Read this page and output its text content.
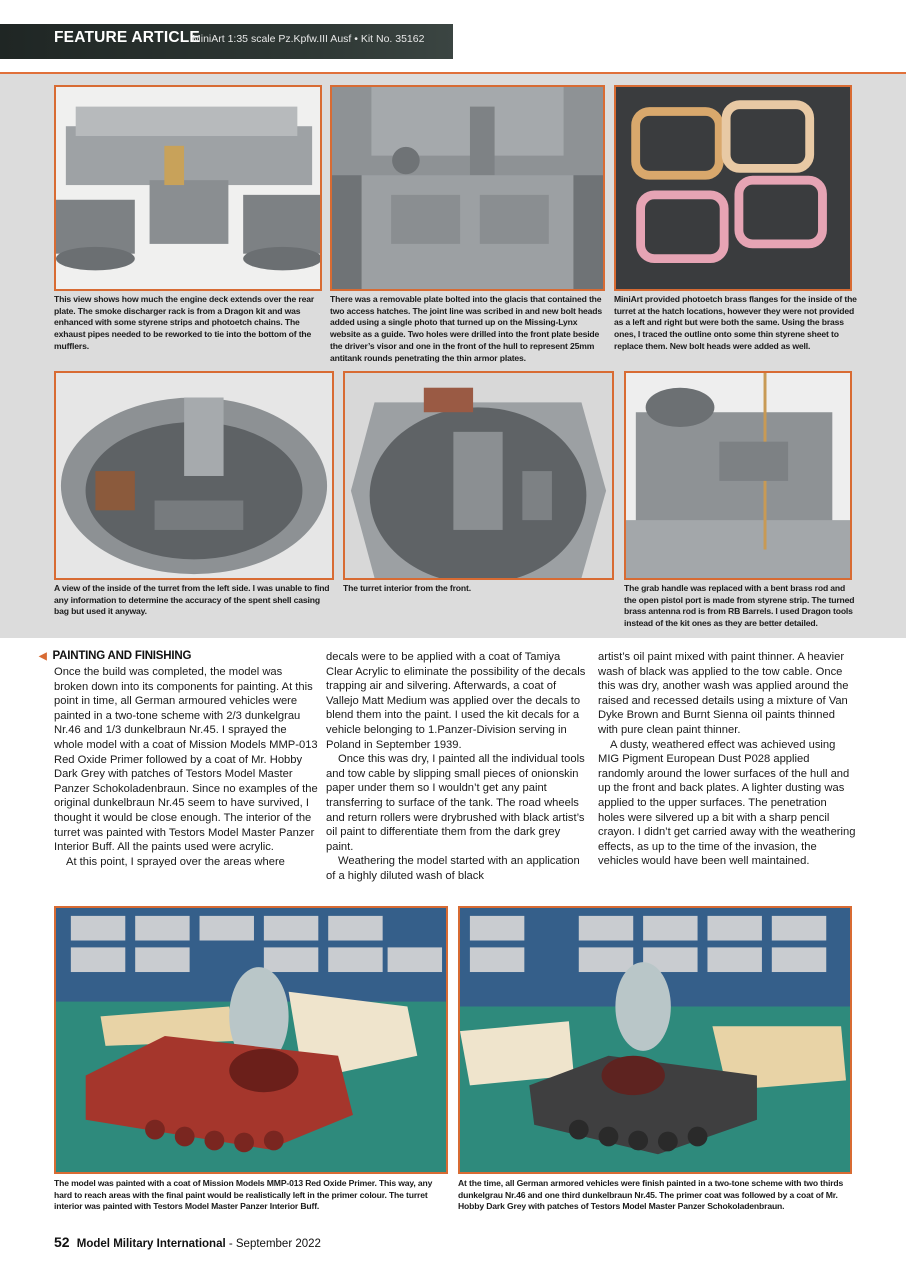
FEATURE ARTICLE
MiniArt 1:35 scale Pz.Kpfw.III Ausf • Kit No. 35162
This view shows how much the engine deck extends over the rear plate. The smoke discharger rack is from a Dragon kit and was enhanced with some styrene strips and photoetch chains. The exhaust pipes needed to be reworked to tie into the bottom of the mufflers.
There was a removable plate bolted into the glacis that contained the two access hatches. The joint line was scribed in and new bolt heads added using a single photo that turned up on the Missing-Lynx website as a guide. Two holes were drilled into the front plate beside the driver’s visor and one in the front of the hull to represent 25mm antitank rounds penetrating the thin armor plates.
MiniArt provided photoetch brass flanges for the inside of the turret at the hatch locations, however they were not provided as a left and right but were both the same. Using the brass ones, I traced the outline onto some thin styrene sheet to replace them. New bolt heads were added as well.
A view of the inside of the turret from the left side. I was unable to find any information to determine the accuracy of the spent shell casing bag but used it anyway.
The turret interior from the front.	The grab handle was replaced with a bent brass rod and the open pistol port is made from styrene strip. The turned brass antenna rod is from RB Barrels. I used Dragon tools instead of the kit ones as they are better detailed.
◀ PAINTING AND FINISHING

Once the build was completed, the model was broken down into its components for painting. At this point in time, all German armoured vehicles were painted in a two-tone scheme with 2/3 dunkelgrau Nr.46 and 1/3 dunkelbraun Nr.45. I sprayed the whole model with a coat of Mission Models MMP-013 Red Oxide Primer followed by a coat of Mr. Hobby Dark Grey with patches of Testors Model Master Panzer Schokoladenbraun. Since no examples of the original dunkelbraun Nr.45 seem to have survived, I thought it would be close enough. The interior of the turret was painted with Testors Model Master Panzer Interior Buff. All the paints used were acrylic.

At this point, I sprayed over the areas where

decals were to be applied with a coat of Tamiya Clear Acrylic to eliminate the possibility of the decals trapping air and silvering. Afterwards, a coat of Vallejo Matt Medium was applied over the decals to blend them into the paint. I used the kit decals for a vehicle belonging to 1.Panzer-Division serving in Poland in September 1939.

Once this was dry, I painted all the individual tools and tow cable by slipping small pieces of onionskin paper under them so I wouldn’t get any paint transferring to surface of the tank. The road wheels and return rollers were drybrushed with black artist’s oil paint to differentiate them from the dark grey paint.

Weathering the model started with an application of a highly diluted wash of black

artist’s oil paint mixed with paint thinner. A heavier wash of black was applied to the tow cable. Once this was dry, another wash was applied around the raised and recessed details using a mixture of Van Dyke Brown and Burnt Sienna oil paints thinned with pure clean paint thinner.

A dusty, weathered effect was achieved using MIG Pigment European Dust P028 applied randomly around the lower surfaces of the hull and up the front and back plates. A lighter dusting was applied to the upper surfaces. The penetration holes were silvered up a bit with a sharp pencil crayon. I didn’t get carried away with the weathering effects, as up to the time of the invasion, the vehicles would have been well maintained.

The model was painted with a coat of Mission Models MMP-013 Red Oxide Primer. This way, any hard to reach areas with the final paint would be realistically left in the primer colour. The turret interior was painted with Testors Model Master Panzer Interior Buff.
At the time, all German armored vehicles were finish painted in a two-tone scheme with two thirds dunkelgrau Nr.46 and one third dunkelbraun Nr.45. The primer coat was followed by a coat of Mr. Hobby Dark Grey with patches of Testors Model Master Panzer Schokoladenbraun.
52 Model Military International - September 2022
